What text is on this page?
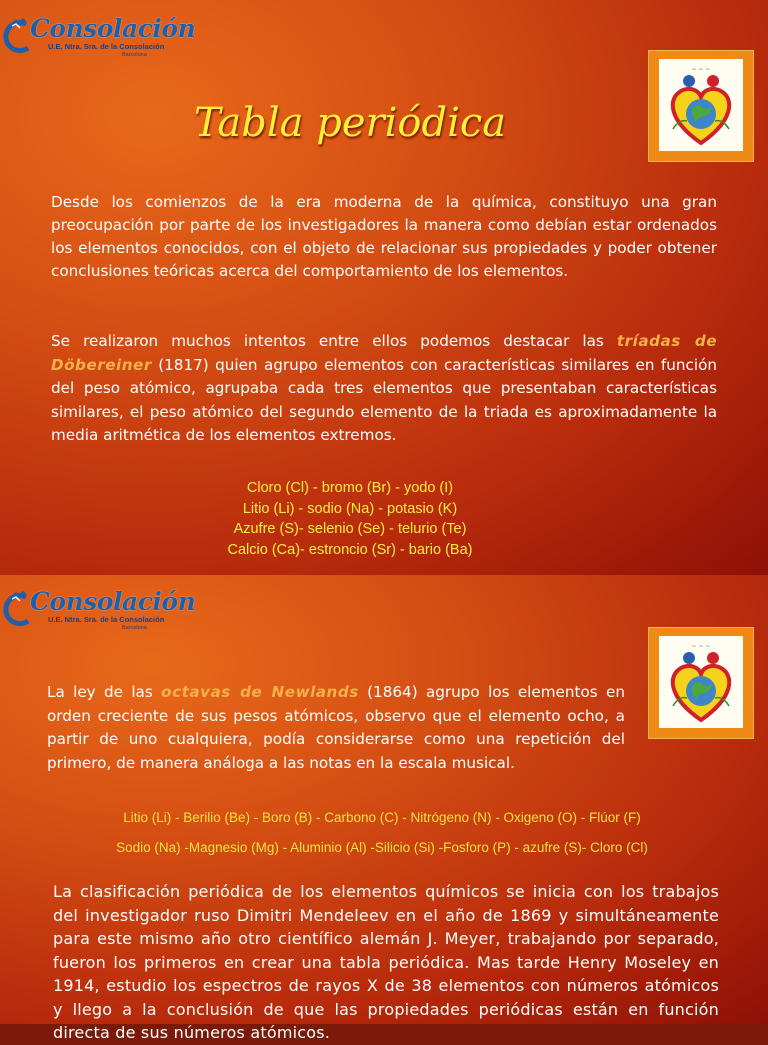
Consolación
U.E. Ntra. Sra. de la Consolación
Barcelona
~ ~ ~
Tabla periódica

Desde los comienzos de la era moderna de la química, constituyo una gran preocupación por parte de los investigadores la manera como debían estar ordenados los elementos conocidos, con el objeto de relacionar sus propiedades y poder obtener conclusiones teóricas acerca del comportamiento de los elementos.

Se realizaron muchos intentos entre ellos podemos destacar las tríadas de Döbereiner (1817) quien agrupo elementos con características similares en función del peso atómico, agrupaba cada tres elementos que presentaban características similares, el peso atómico del segundo elemento de la triada es aproximadamente la media aritmética de los elementos extremos.

Cloro (Cl) - bromo (Br) - yodo (I)
Litio (Li) - sodio (Na) - potasio (K)
Azufre (S)- selenio (Se) - telurio (Te)
Calcio (Ca)- estroncio (Sr) - bario (Ba)
Consolación
U.E. Ntra. Sra. de la Consolación
Barcelona
~ ~ ~

La ley de las octavas de Newlands (1864) agrupo los elementos en orden creciente de sus pesos atómicos, observo que el elemento ocho, a partir de uno cualquiera, podía considerarse como una repetición del primero, de manera análoga a las notas en la escala musical.

Litio (Li) - Berilio (Be) - Boro (B) - Carbono (C) - Nitrógeno (N) - Oxigeno (O) - Flúor (F)
Sodio (Na) -Magnesio (Mg) - Aluminio (Al) -Silicio (Si) -Fosforo (P) - azufre (S)- Cloro (Cl)

La clasificación periódica de los elementos químicos se inicia con los trabajos del investigador ruso Dimitri Mendeleev en el año de 1869 y simultáneamente para este mismo año otro científico alemán J. Meyer, trabajando por separado, fueron los primeros en crear una tabla periódica. Mas tarde Henry Moseley en 1914, estudio los espectros de rayos X de 38 elementos con números atómicos y llego a la conclusión de que las propiedades periódicas están en función directa de sus números atómicos.
